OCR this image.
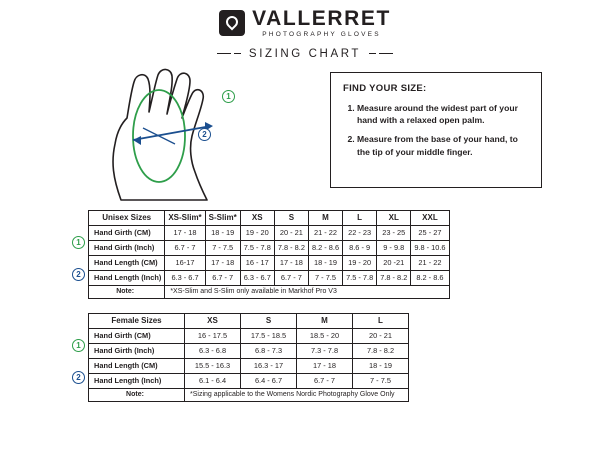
VALLERRET
PHOTOGRAPHY GLOVES
SIZING CHART
1
2
FIND YOUR SIZE:
1. Measure around the widest part of your hand with a relaxed open palm.
2. Measure from the base of your hand, to the tip of your middle finger.
1
2
Unisex Sizes	XS-Slim*	S-Slim*	XS	S	M	L	XL	XXL
Hand Girth (CM)	17 - 18	18 - 19	19 - 20	20 - 21	21 - 22	22 - 23	23 - 25	25 - 27
Hand Girth (Inch)	6.7 - 7	7 - 7.5	7.5 - 7.8	7.8 - 8.2	8.2 - 8.6	8.6 - 9	9 - 9.8	9.8 - 10.6
Hand Length (CM)	16-17	17 - 18	16 - 17	17 - 18	18 - 19	19 - 20	20 -21	21 - 22
Hand Length (Inch)	6.3 - 6.7	6.7 - 7	6.3 - 6.7	6.7 - 7	7 - 7.5	7.5 - 7.8	7.8 - 8.2	8.2 - 8.6
Note:	*XS-Slim and S-Slim only available in Markhof Pro V3							
1
2
Female Sizes	XS	S	M	L
Hand Girth (CM)	16 - 17.5	17.5 - 18.5	18.5 - 20	20 - 21
Hand Girth (Inch)	6.3 - 6.8	6.8 - 7.3	7.3 - 7.8	7.8 - 8.2
Hand Length (CM)	15.5 - 16.3	16.3 - 17	17 - 18	18 - 19
Hand Length (Inch)	6.1 - 6.4	6.4 - 6.7	6.7 - 7	7 - 7.5
Note:	*Sizing applicable to the Womens Nordic Photography Glove Only			
